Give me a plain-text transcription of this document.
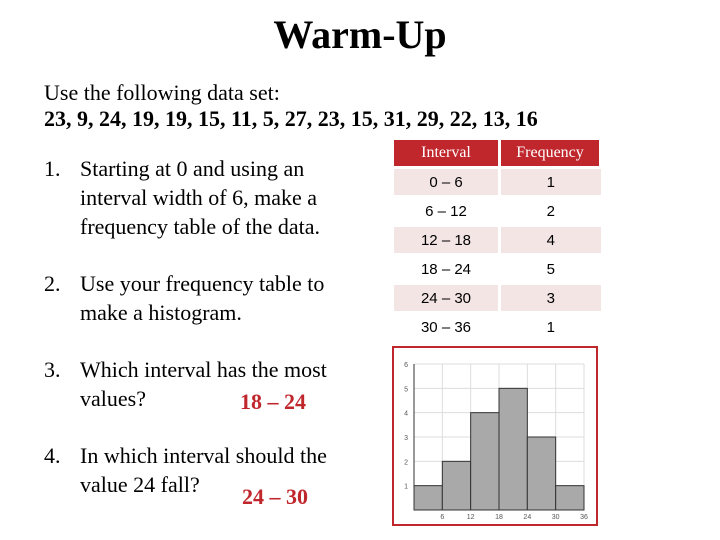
Warm-Up
Use the following data set:
23, 9, 24, 19, 19, 15, 11, 5, 27, 23, 15, 31, 29, 22, 13, 16
1. Starting at 0 and using an interval width of 6, make a frequency table of the data.
2. Use your frequency table to make a histogram.
3. Which interval has the most values?	18 – 24
4. In which interval should the value 24 fall?	24 – 30
Interval	Frequency
0 – 6	1
6 – 12	2
12 – 18	4
18 – 24	5
24 – 30	3
30 – 36	1
1
2
3
4
5
6
6	12	18	24	30	36
